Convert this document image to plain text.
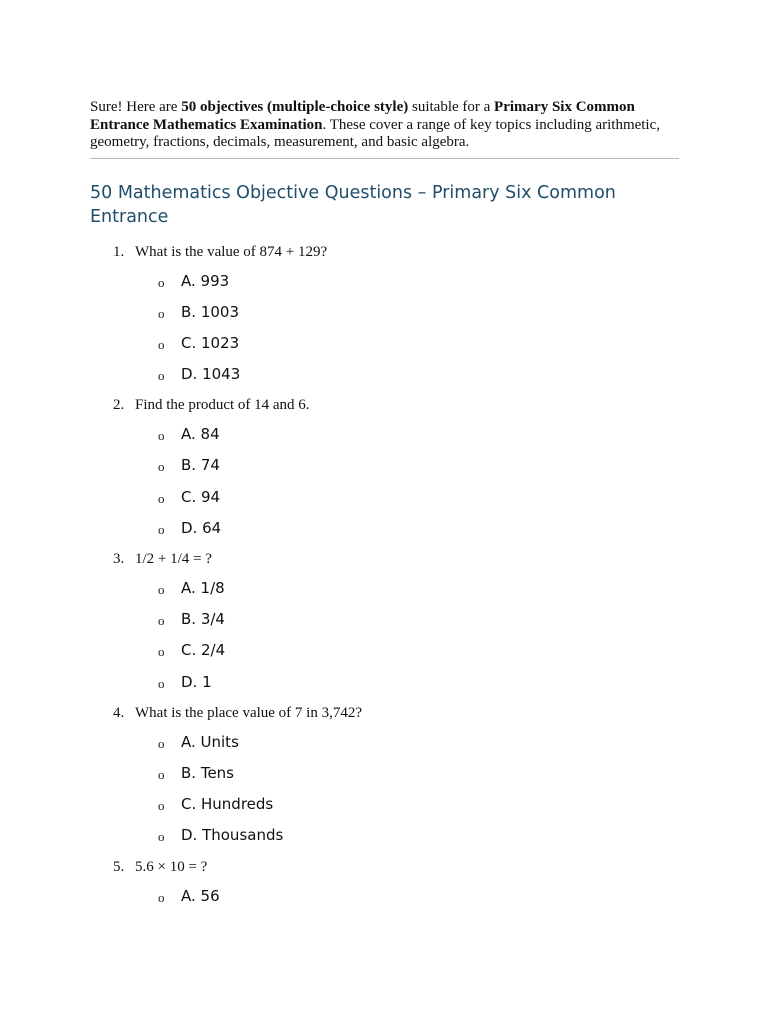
Sure! Here are 50 objectives (multiple-choice style) suitable for a Primary Six Common Entrance Mathematics Examination. These cover a range of key topics including arithmetic, geometry, fractions, decimals, measurement, and basic algebra.

50 Mathematics Objective Questions – Primary Six Common Entrance
1. What is the value of 874 + 129?
o A. 993
o B. 1003
o C. 1023
o D. 1043
2. Find the product of 14 and 6.
o A. 84
o B. 74
o C. 94
o D. 64
3. 1/2 + 1/4 = ?
o A. 1/8
o B. 3/4
o C. 2/4
o D. 1
4. What is the place value of 7 in 3,742?
o A. Units
o B. Tens
o C. Hundreds
o D. Thousands
5. 5.6 × 10 = ?
o A. 56
